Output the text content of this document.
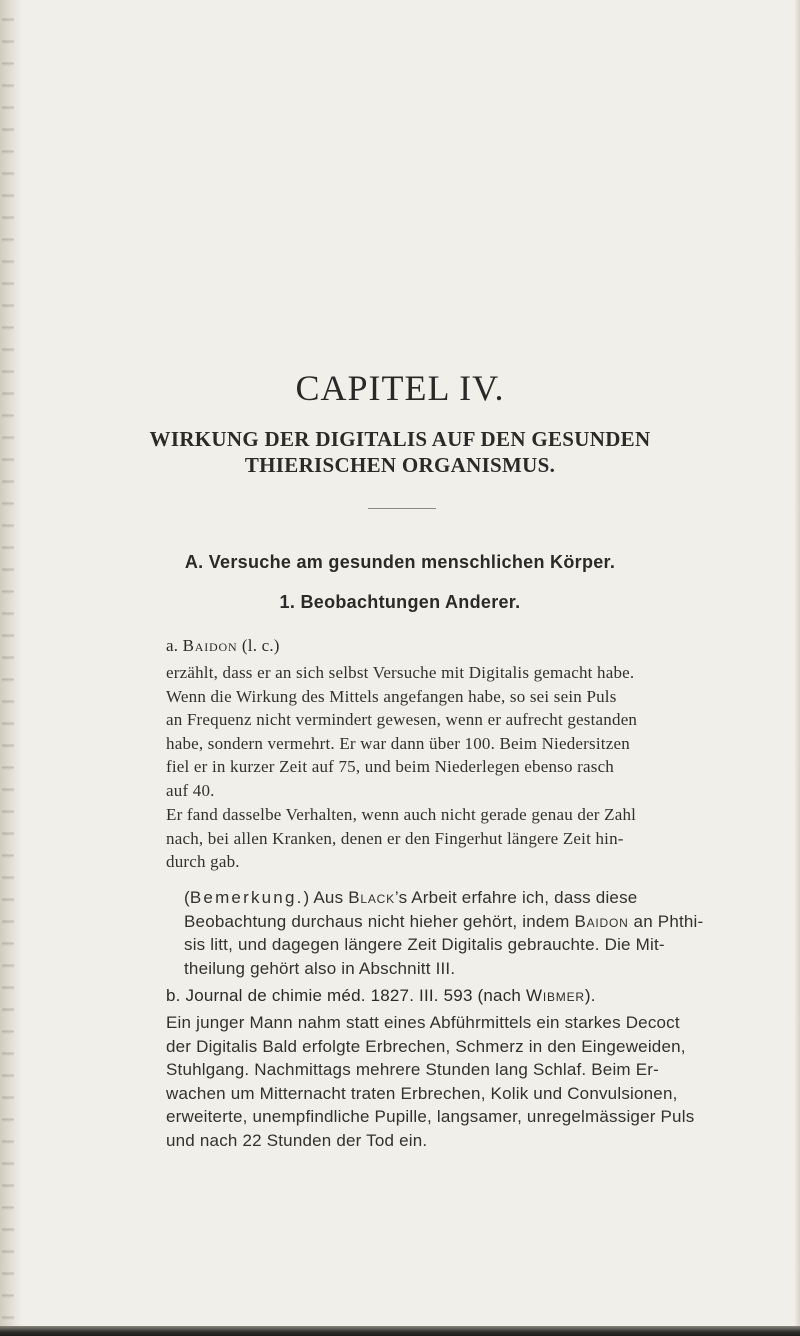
CAPITEL IV.
WIRKUNG DER DIGITALIS AUF DEN GESUNDEN
THIERISCHEN ORGANISMUS.
A. Versuche am gesunden menschlichen Körper.
1. Beobachtungen Anderer.
a. Baidon (l. c.)
erzählt, dass er an sich selbst Versuche mit Digitalis gemacht habe.
Wenn die Wirkung des Mittels angefangen habe, so sei sein Puls
an Frequenz nicht vermindert gewesen, wenn er aufrecht gestanden
habe, sondern vermehrt. Er war dann über 100. Beim Niedersitzen
fiel er in kurzer Zeit auf 75, und beim Niederlegen ebenso rasch
auf 40.
Er fand dasselbe Verhalten, wenn auch nicht gerade genau der Zahl
nach, bei allen Kranken, denen er den Fingerhut längere Zeit hin-
durch gab.
(Bemerkung.) Aus Black’s Arbeit erfahre ich, dass diese
Beobachtung durchaus nicht hieher gehört, indem Baidon an Phthi-
sis litt, und dagegen längere Zeit Digitalis gebrauchte. Die Mit-
theilung gehört also in Abschnitt III.
b. Journal de chimie méd. 1827. III. 593 (nach Wibmer).
Ein junger Mann nahm statt eines Abführmittels ein starkes Decoct
der Digitalis Bald erfolgte Erbrechen, Schmerz in den Eingeweiden,
Stuhlgang. Nachmittags mehrere Stunden lang Schlaf. Beim Er-
wachen um Mitternacht traten Erbrechen, Kolik und Convulsionen,
erweiterte, unempfindliche Pupille, langsamer, unregelmässiger Puls
und nach 22 Stunden der Tod ein.
